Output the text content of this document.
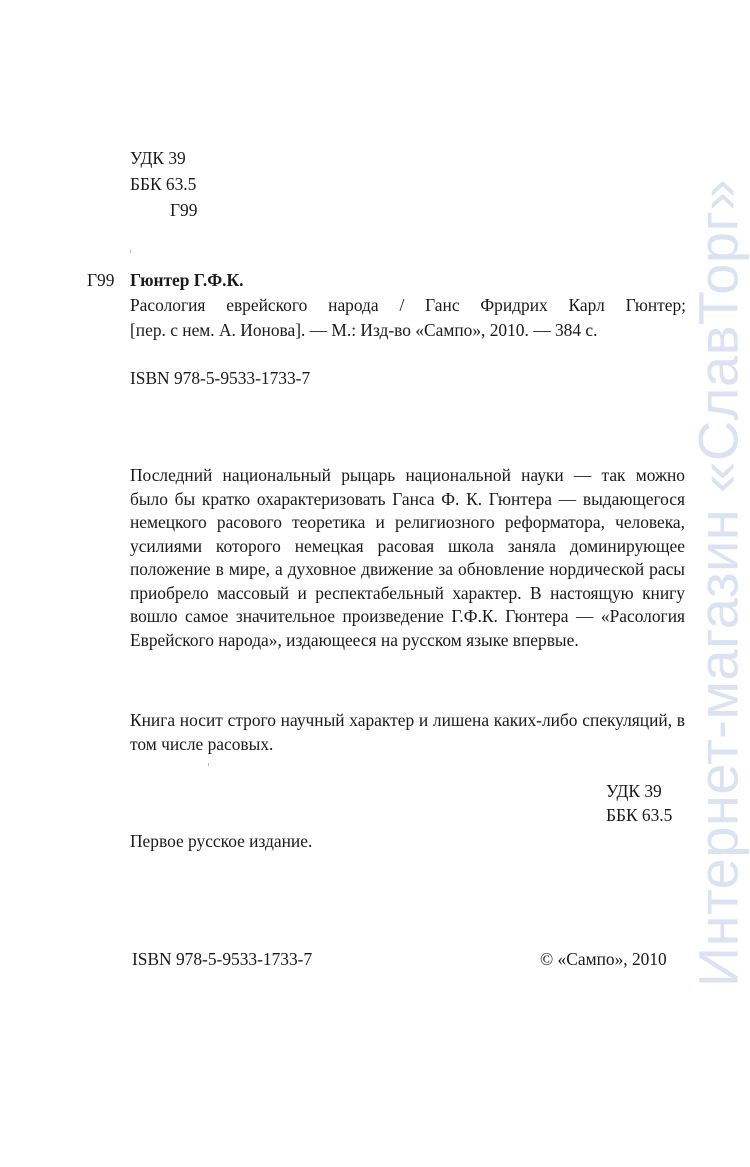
Интернет-магазин «СлавТорг»
УДК 39
ББК 63.5
Г99
Г99 Гюнтер Г.Ф.К.
Расология еврейского народа / Ганс Фридрих Карл Гюнтер;
[пер. с нем. А. Ионова]. — М.: Изд-во «Сампо», 2010. — 384 с.
ISBN 978-5-9533-1733-7
Последний национальный рыцарь национальной науки — так можно было бы кратко охарактеризовать Ганса Ф. К. Гюнтера — выдающегося немецкого расового теоретика и религиозного реформатора, человека, усилиями которого немецкая расовая школа заняла доминирующее положение в мире, а духовное движение за обновление нордической расы приобрело массовый и респектабельный характер. В настоящую книгу вошло самое значительное произведение Г.Ф.К. Гюнтера — «Расология Еврейского народа», издающееся на русском языке впервые.
Книга носит строго научный характер и лишена каких-либо спекуляций, в том числе расовых.
УДК 39
ББК 63.5
Первое русское издание.
ISBN 978-5-9533-1733-7	© «Сампо», 2010
